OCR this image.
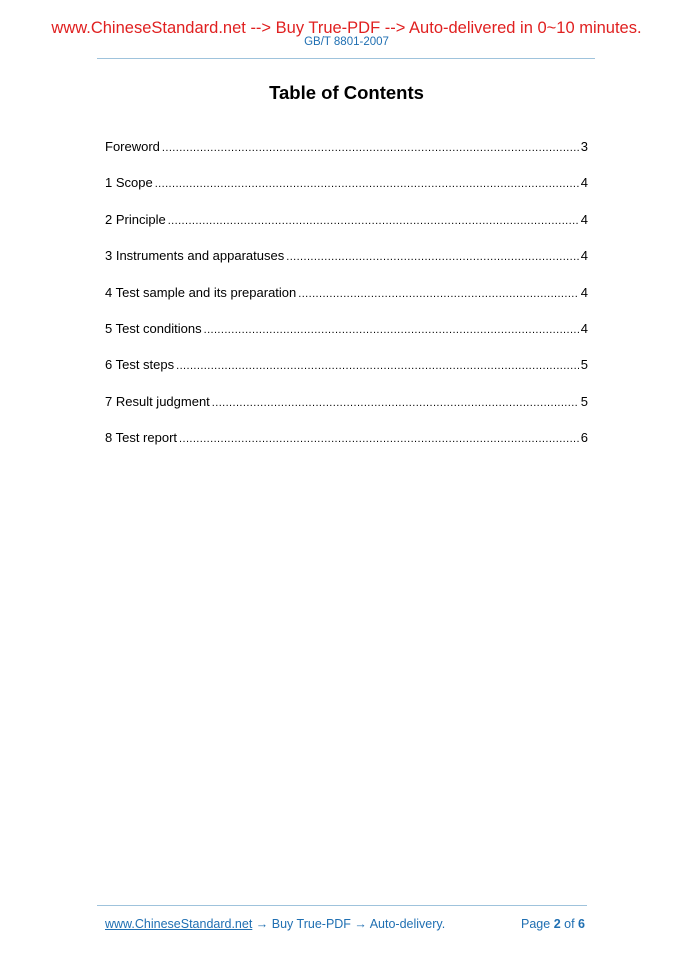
www.ChineseStandard.net --> Buy True-PDF --> Auto-delivered in 0~10 minutes.
GB/T 8801-2007
Table of Contents
Foreword .....	3
1 Scope .....	4
2 Principle .....	4
3 Instruments and apparatuses .....	4
4 Test sample and its preparation .....	4
5 Test conditions .....	4
6 Test steps .....	5
7 Result judgment .....	5
8 Test report .....	6
www.ChineseStandard.net → Buy True-PDF → Auto-delivery.	Page 2 of 6
